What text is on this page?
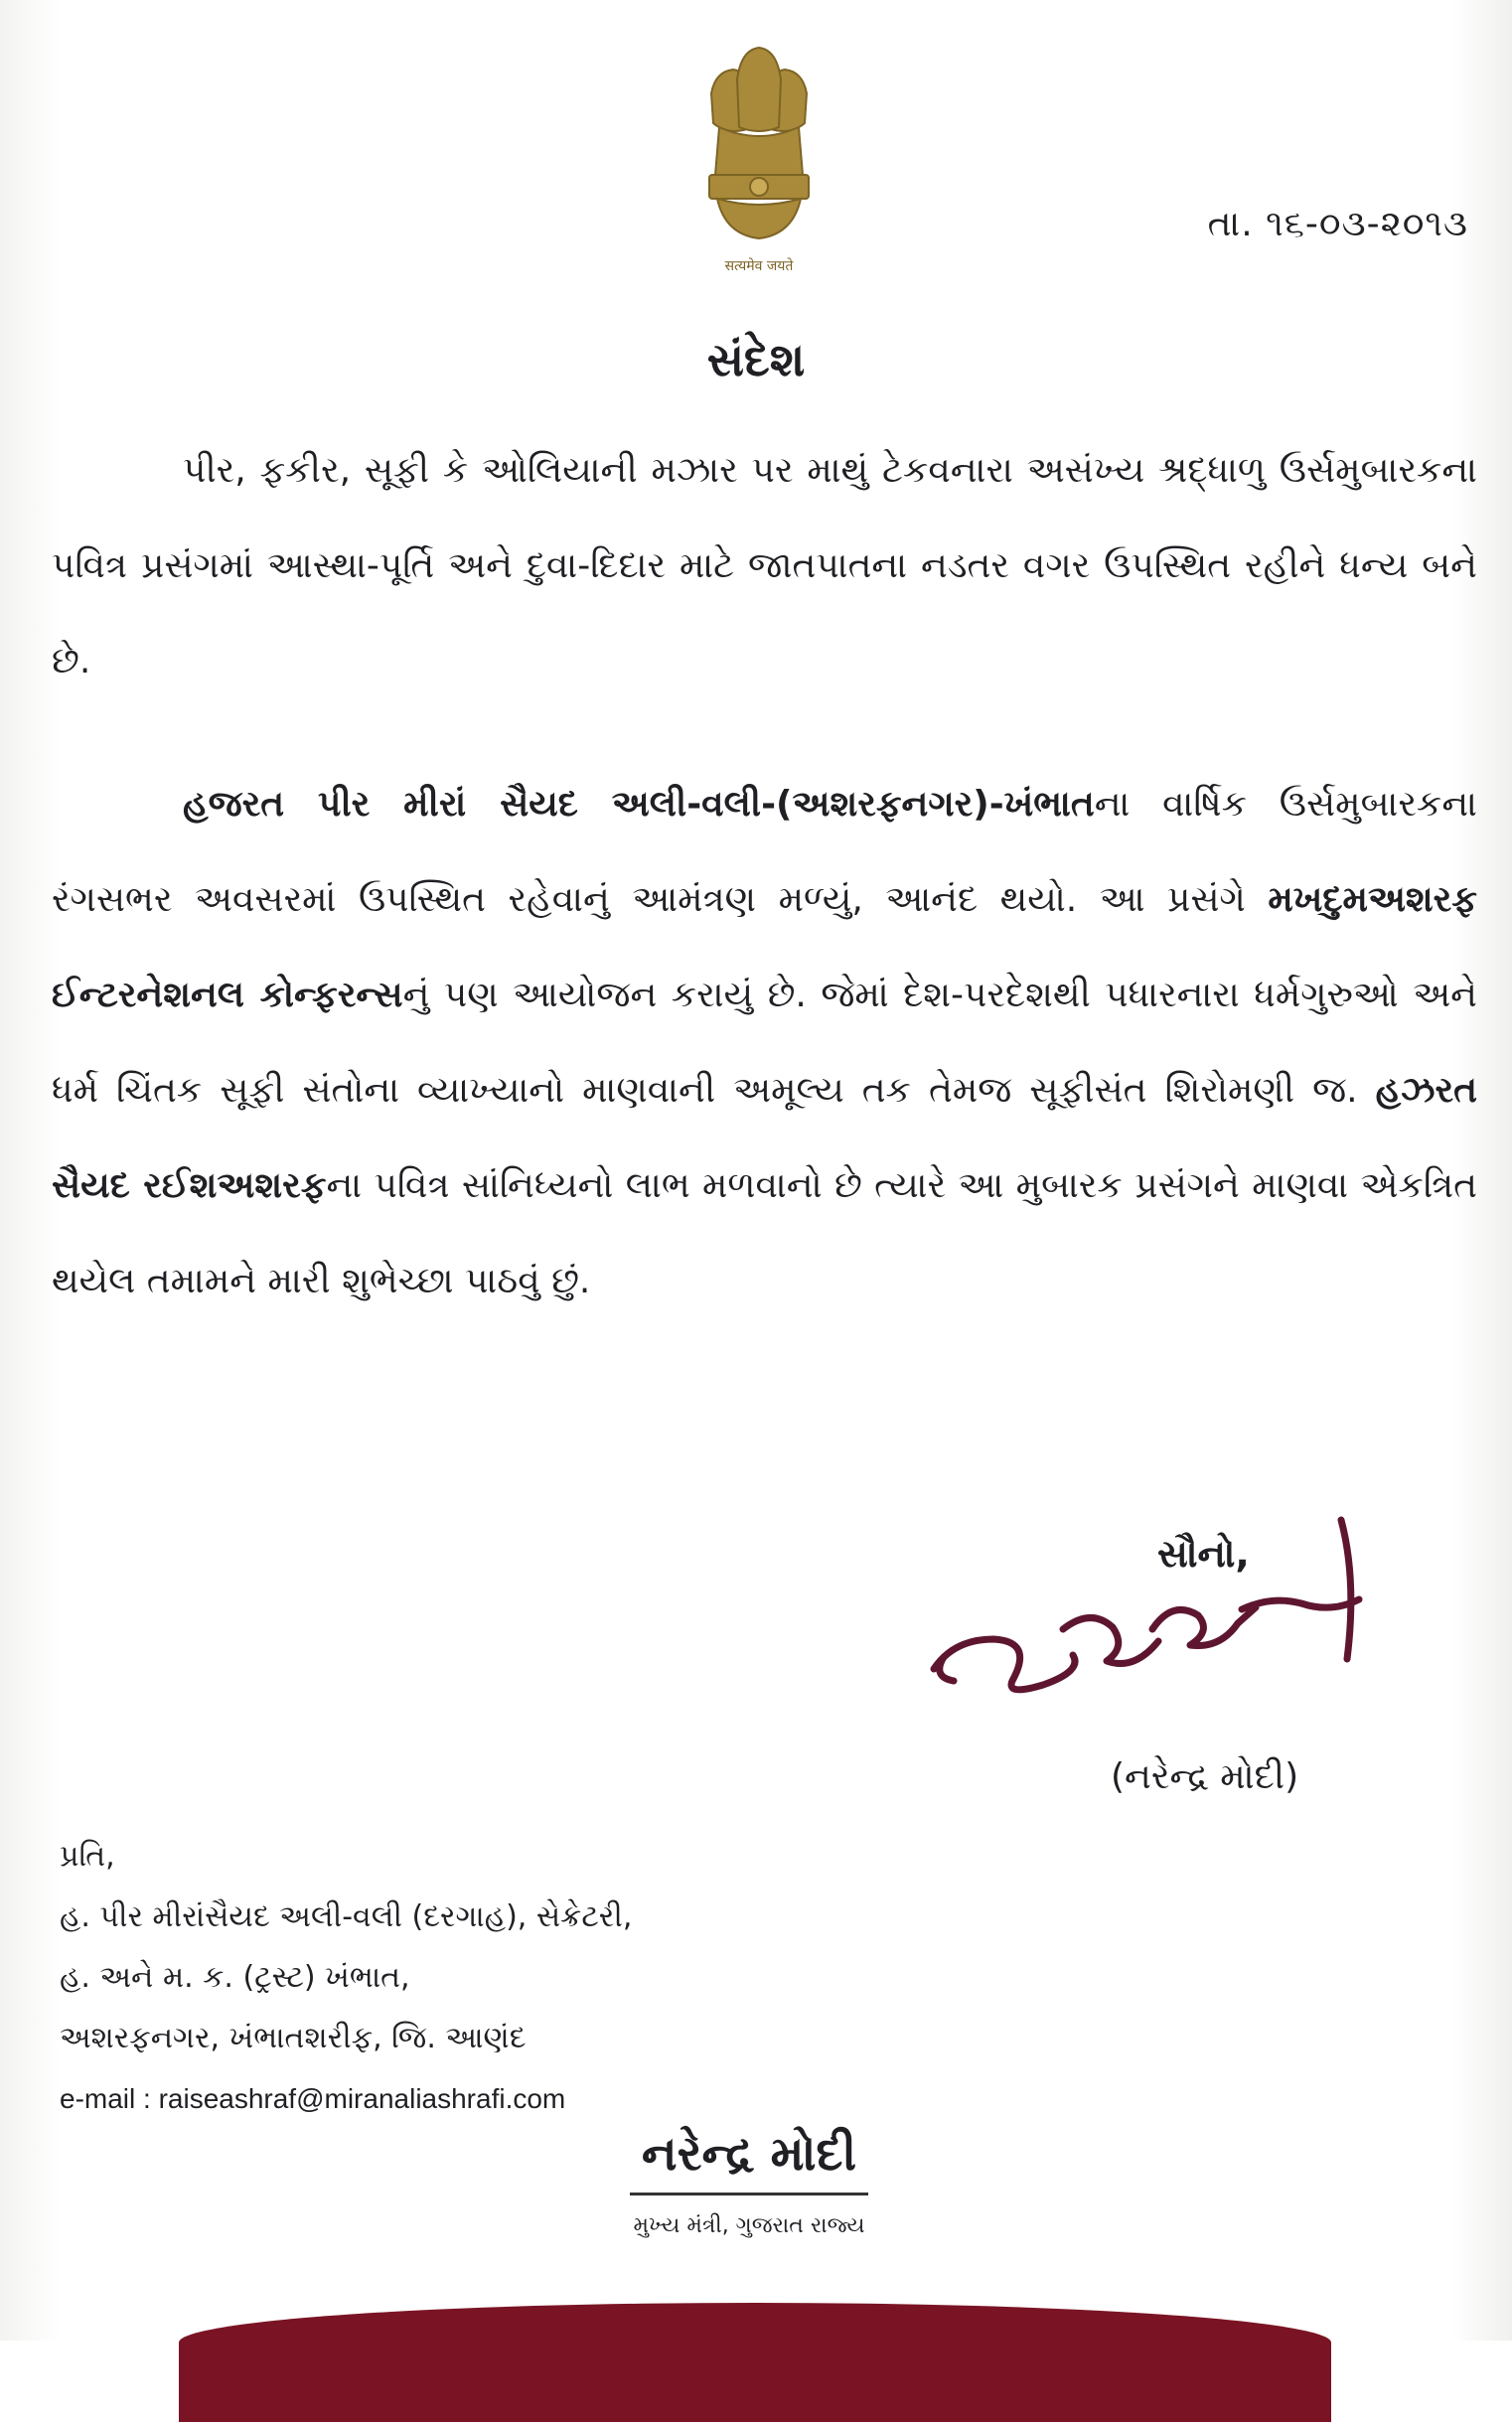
सत्यमेव जयते
તા. ૧૬-૦૩-૨૦૧૩
સંદેશ
પીર, ફકીર, સૂફી કે ઓલિયાની મઝાર પર માથું ટેકવનારા અસંખ્ય શ્રદ્ધાળુ ઉર્સમુબારકના પવિત્ર પ્રસંગમાં આસ્થા-પૂર્તિ અને દુવા-દિદાર માટે જાતપાતના નડતર વગર ઉપસ્થિત રહીને ધન્ય બને છે.
હજરત પીર મીરાં સૈયદ અલી-વલી-(અશરફનગર)-ખંભાતના વાર્ષિક ઉર્સમુબારકના રંગસભર અવસરમાં ઉપસ્થિત રહેવાનું આમંત્રણ મળ્યું, આનંદ થયો. આ પ્રસંગે મખદુમઅશરફ ઈન્ટરનેશનલ કોન્ફરન્સનું પણ આયોજન કરાયું છે. જેમાં દેશ-પરદેશથી પધારનારા ધર્મગુરુઓ અને ધર્મ ચિંતક સૂફી સંતોના વ્યાખ્યાનો માણવાની અમૂલ્ય તક તેમજ સૂફીસંત શિરોમણી જ. હઝરત સૈયદ રઈશઅશરફના પવિત્ર સાંનિધ્યનો લાભ મળવાનો છે ત્યારે આ મુબારક પ્રસંગને માણવા એકત્રિત થયેલ તમામને મારી શુભેચ્છા પાઠવું છું.
સૌનો,
(નરેન્દ્ર મોદી)
પ્રતિ,
હ. પીર મીરાંસૈયદ અલી-વલી (દરગાહ), સેક્રેટરી,
હ. અને મ. ક. (ટ્રસ્ટ) ખંભાત,
અશરફનગર, ખંભાતશરીફ, જિ. આણંદ
e-mail : raiseashraf@miranaliashrafi.com
નરેન્દ્ર મોદી
મુખ્ય મંત્રી, ગુજરાત રાજ્ય
